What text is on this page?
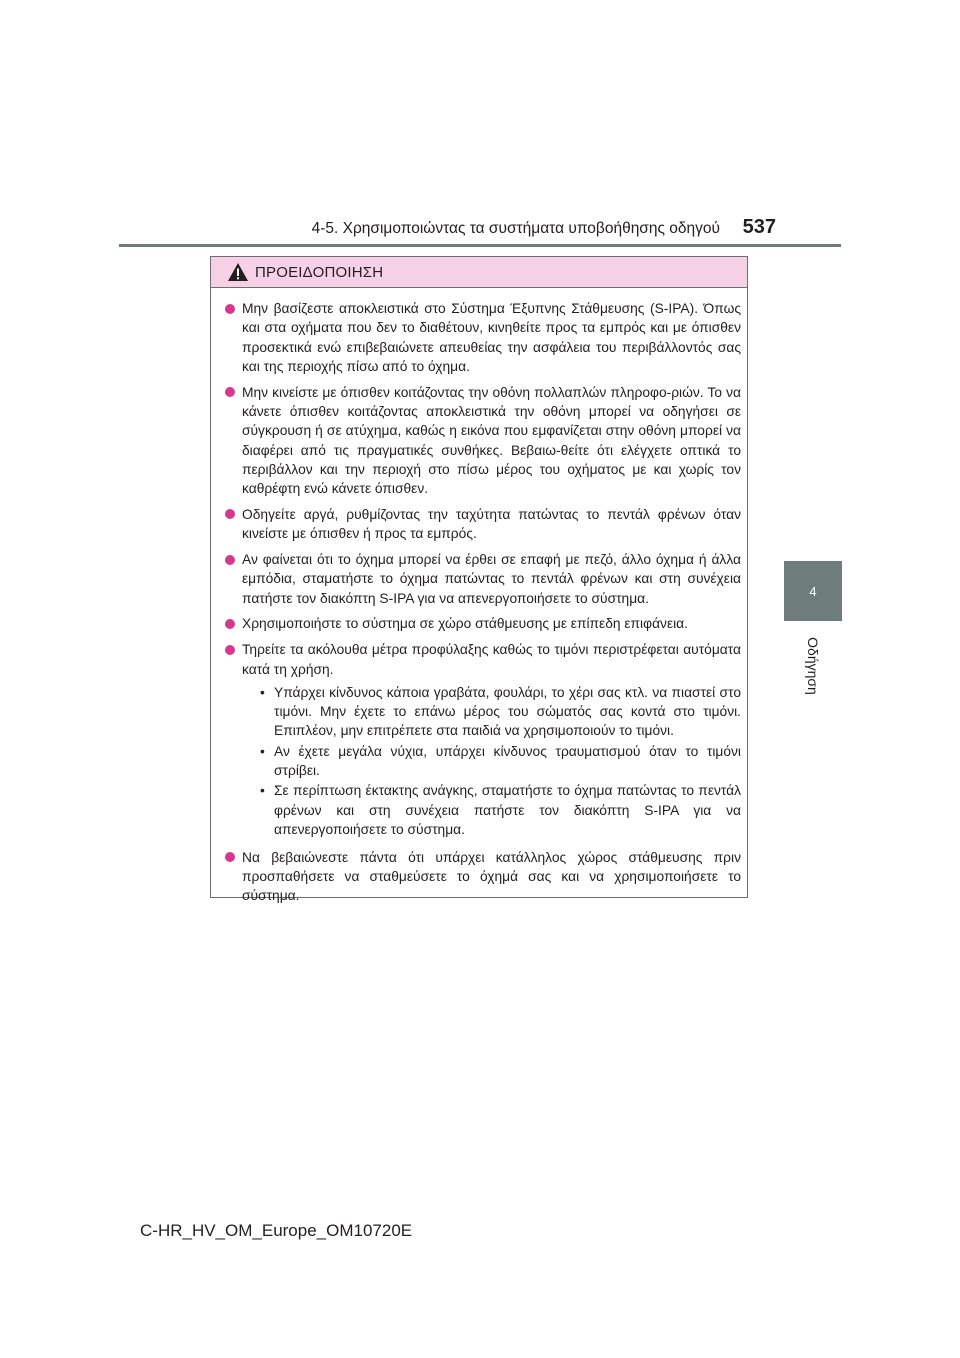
4-5. Χρησιμοποιώντας τα συστήματα υποβοήθησης οδηγού	537
4
Οδήγηση
ΠΡΟΕΙΔΟΠΟΙΗΣΗ
Μην βασίζεστε αποκλειστικά στο Σύστημα Έξυπνης Στάθμευσης (S-IPA). Όπως και στα οχήματα που δεν το διαθέτουν, κινηθείτε προς τα εμπρός και με όπισθεν προσεκτικά ενώ επιβεβαιώνετε απευθείας την ασφάλεια του περιβάλλοντός σας και της περιοχής πίσω από το όχημα.
Μην κινείστε με όπισθεν κοιτάζοντας την οθόνη πολλαπλών πληροφο-ριών. Το να κάνετε όπισθεν κοιτάζοντας αποκλειστικά την οθόνη μπορεί να οδηγήσει σε σύγκρουση ή σε ατύχημα, καθώς η εικόνα που εμφανίζεται στην οθόνη μπορεί να διαφέρει από τις πραγματικές συνθήκες. Βεβαιω-θείτε ότι ελέγχετε οπτικά το περιβάλλον και την περιοχή στο πίσω μέρος του οχήματος με και χωρίς τον καθρέφτη ενώ κάνετε όπισθεν.
Οδηγείτε αργά, ρυθμίζοντας την ταχύτητα πατώντας το πεντάλ φρένων όταν κινείστε με όπισθεν ή προς τα εμπρός.
Αν φαίνεται ότι το όχημα μπορεί να έρθει σε επαφή με πεζό, άλλο όχημα ή άλλα εμπόδια, σταματήστε το όχημα πατώντας το πεντάλ φρένων και στη συνέχεια πατήστε τον διακόπτη S-IPA για να απενεργοποιήσετε το σύστημα.
Χρησιμοποιήστε το σύστημα σε χώρο στάθμευσης με επίπεδη επιφάνεια.
Τηρείτε τα ακόλουθα μέτρα προφύλαξης καθώς το τιμόνι περιστρέφεται αυτόματα κατά τη χρήση.
• Υπάρχει κίνδυνος κάποια γραβάτα, φουλάρι, το χέρι σας κτλ. να πιαστεί στο τιμόνι. Μην έχετε το επάνω μέρος του σώματός σας κοντά στο τιμόνι. Επιπλέον, μην επιτρέπετε στα παιδιά να χρησιμοποιούν το τιμόνι.
• Αν έχετε μεγάλα νύχια, υπάρχει κίνδυνος τραυματισμού όταν το τιμόνι στρίβει.
• Σε περίπτωση έκτακτης ανάγκης, σταματήστε το όχημα πατώντας το πεντάλ φρένων και στη συνέχεια πατήστε τον διακόπτη S-IPA για να απενεργοποιήσετε το σύστημα.
Να βεβαιώνεστε πάντα ότι υπάρχει κατάλληλος χώρος στάθμευσης πριν προσπαθήσετε να σταθμεύσετε το όχημά σας και να χρησιμοποιήσετε το σύστημα.
C-HR_HV_OM_Europe_OM10720E
